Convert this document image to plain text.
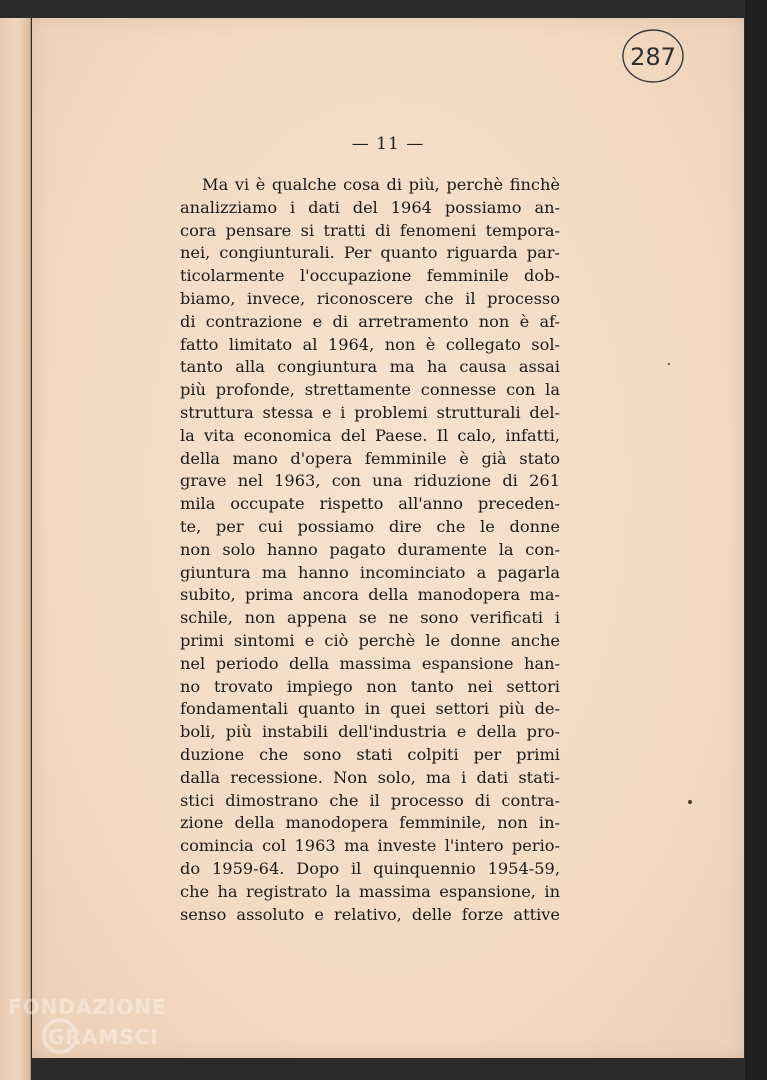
287
— 11 —
Ma vi è qualche cosa di più, perchè finchè
analizziamo i dati del 1964 possiamo an-
cora pensare si tratti di fenomeni tempora-
nei, congiunturali. Per quanto riguarda par-
ticolarmente l'occupazione femminile dob-
biamo, invece, riconoscere che il processo
di contrazione e di arretramento non è af-
fatto limitato al 1964, non è collegato sol-
tanto alla congiuntura ma ha causa assai
più profonde, strettamente connesse con la
struttura stessa e i problemi strutturali del-
la vita economica del Paese. Il calo, infatti,
della mano d'opera femminile è già stato
grave nel 1963, con una riduzione di 261
mila occupate rispetto all'anno preceden-
te, per cui possiamo dire che le donne
non solo hanno pagato duramente la con-
giuntura ma hanno incominciato a pagarla
subito, prima ancora della manodopera ma-
schile, non appena se ne sono verificati i
primi sintomi e ciò perchè le donne anche
nel periodo della massima espansione han-
no trovato impiego non tanto nei settori
fondamentali quanto in quei settori più de-
boli, più instabili dell'industria e della pro-
duzione che sono stati colpiti per primi
dalla recessione. Non solo, ma i dati stati-
stici dimostrano che il processo di contra-
zione della manodopera femminile, non in-
comincia col 1963 ma investe l'intero perio-
do 1959-64. Dopo il quinquennio 1954-59,
che ha registrato la massima espansione, in
senso assoluto e relativo, delle forze attive
FONDAZIONE
GRAMSCI
